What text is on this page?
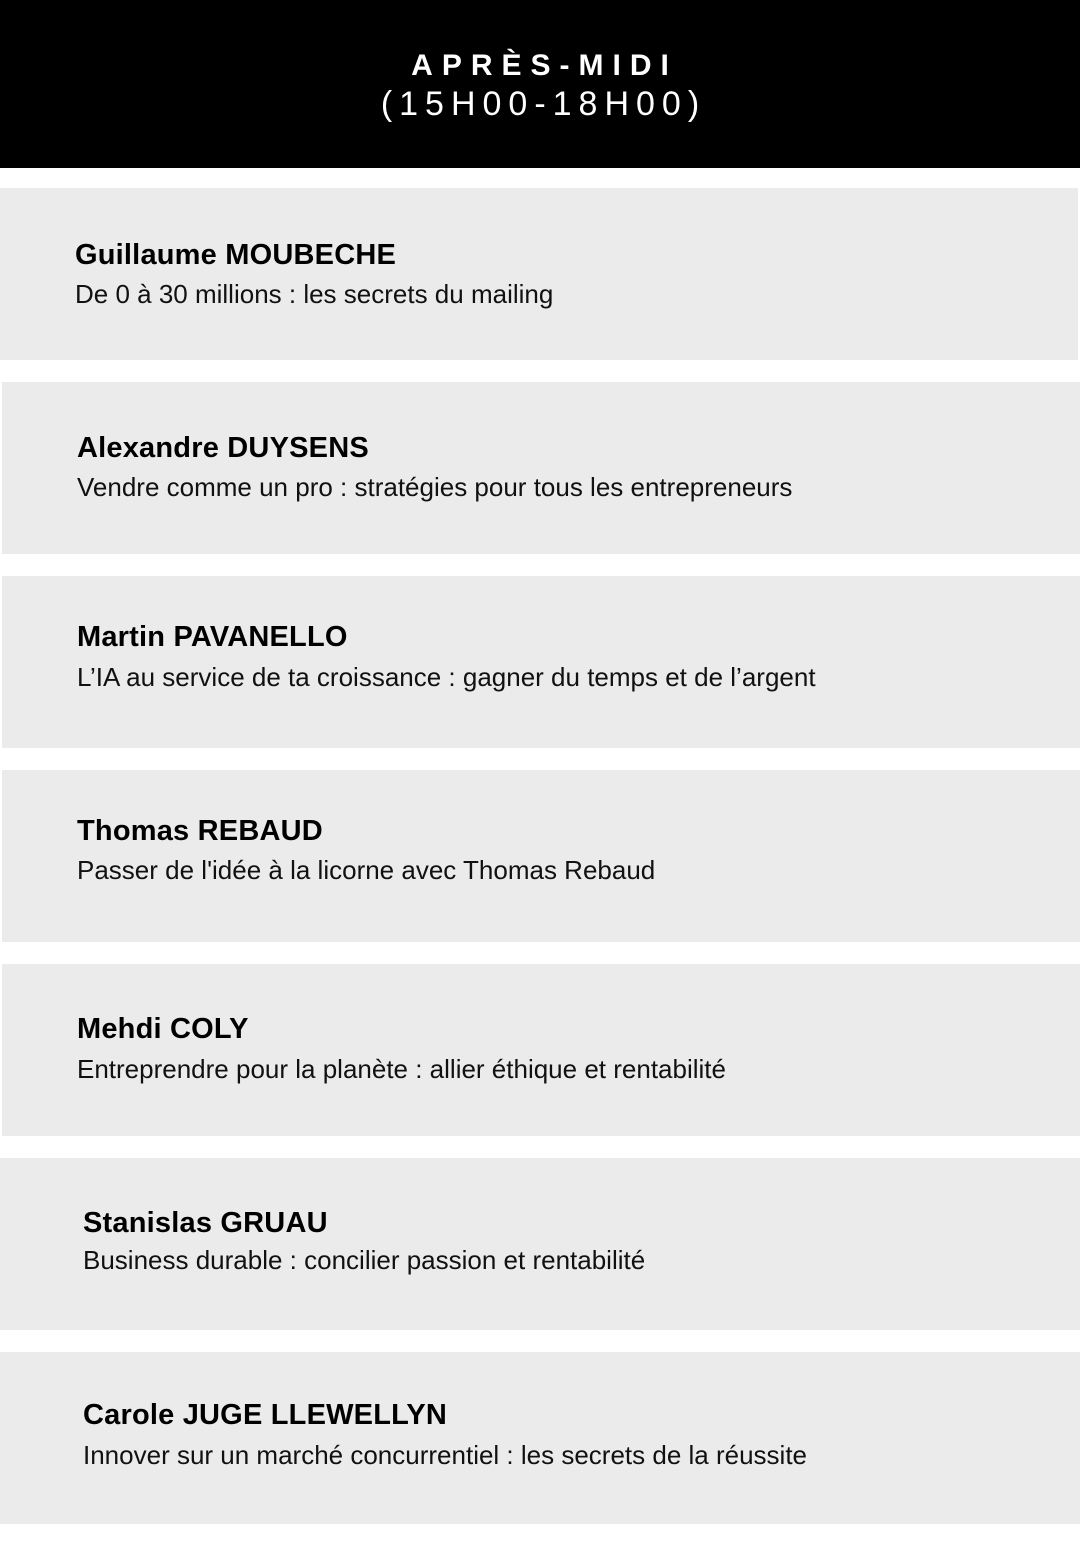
APRÈS-MIDI
(15H00-18H00)
Guillaume MOUBECHE
De 0 à 30 millions : les secrets du mailing
Alexandre DUYSENS
Vendre comme un pro : stratégies pour tous les entrepreneurs
Martin PAVANELLO
L’IA au service de ta croissance : gagner du temps et de l’argent
Thomas REBAUD
Passer de l'idée à la licorne avec Thomas Rebaud
Mehdi COLY
Entreprendre pour la planète : allier éthique et rentabilité
Stanislas GRUAU
Business durable : concilier passion et rentabilité
Carole JUGE LLEWELLYN
Innover sur un marché concurrentiel : les secrets de la réussite
